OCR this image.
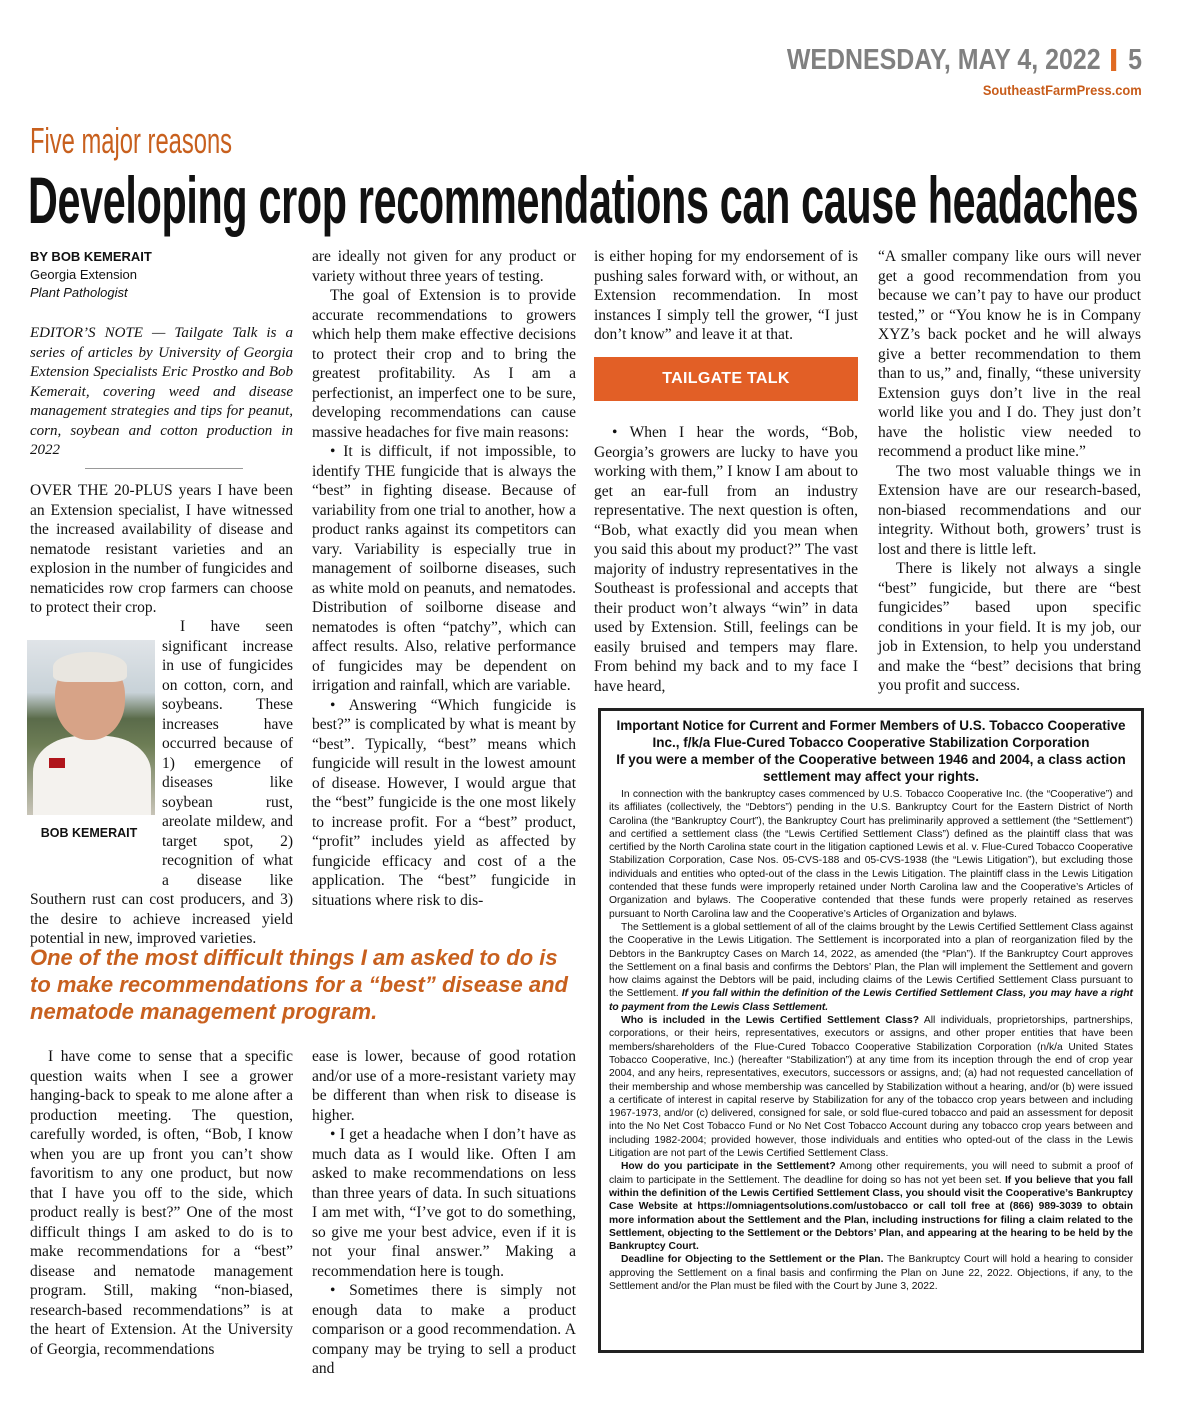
WEDNESDAY, MAY 4, 2022 5
SoutheastFarmPress.com
Five major reasons
Developing crop recommendations can cause headaches
BY BOB KEMERAIT
Georgia Extension
Plant Pathologist
EDITOR’S NOTE — Tailgate Talk is a series of articles by University of Georgia Extension Specialists Eric Prostko and Bob Kemerait, covering weed and disease management strategies and tips for peanut, corn, soybean and cotton production in 2022

OVER THE 20-PLUS years I have been an Extension specialist, I have witnessed the increased availability of disease and nematode resistant varieties and an explosion in the number of fungicides and nematicides row crop farmers can choose to protect their crop.

I have seen significant increase in use of fungicides on cotton, corn, and soybeans. These increases have occurred because of 1) emergence of diseases like soybean rust, areolate mildew, and target spot, 2) recognition of what a disease like Southern rust can cost producers, and 3) the desire to achieve increased yield potential in new, improved varieties.

BOB KEMERAIT

are ideally not given for any product or variety without three years of testing.

The goal of Extension is to provide accurate recommendations to growers which help them make effective decisions to protect their crop and to bring the greatest profitability. As I am a perfectionist, an imperfect one to be sure, developing recommendations can cause massive headaches for five main reasons:

• It is difficult, if not impossible, to identify THE fungicide that is always the “best” in fighting disease. Because of variability from one trial to another, how a product ranks against its competitors can vary. Variability is especially true in management of soilborne diseases, such as white mold on peanuts, and nematodes. Distribution of soilborne disease and nematodes is often “patchy”, which can affect results. Also, relative performance of fungicides may be dependent on irrigation and rainfall, which are variable.

• Answering “Which fungicide is best?” is complicated by what is meant by “best”. Typically, “best” means which fungicide will result in the lowest amount of disease. However, I would argue that the “best” fungicide is the one most likely to increase profit. For a “best” product, “profit” includes yield as affected by fungicide efficacy and cost of a the application. The “best” fungicide in situations where risk to dis-

is either hoping for my endorsement of is pushing sales forward with, or without, an Extension recommendation. In most instances I simply tell the grower, “I just don’t know” and leave it at that.

TAILGATE TALK

• When I hear the words, “Bob, Georgia’s growers are lucky to have you working with them,” I know I am about to get an ear-full from an industry representative. The next question is often, “Bob, what exactly did you mean when you said this about my product?” The vast majority of industry representatives in the Southeast is professional and accepts that their product won’t always “win” in data used by Extension. Still, feelings can be easily bruised and tempers may flare. From behind my back and to my face I have heard,

“A smaller company like ours will never get a good recommendation from you because we can’t pay to have our product tested,” or “You know he is in Company XYZ’s back pocket and he will always give a better recommendation to them than to us,” and, finally, “these university Extension guys don’t live in the real world like you and I do. They just don’t have the holistic view needed to recommend a product like mine.”

The two most valuable things we in Extension have are our research-based, non-biased recommendations and our integrity. Without both, growers’ trust is lost and there is little left.

There is likely not always a single “best” fungicide, but there are “best fungicides” based upon specific conditions in your field. It is my job, our job in Extension, to help you understand and make the “best” decisions that bring you profit and success.

One of the most difficult things I am asked to do is to make recommendations for a “best” disease and nematode management program.

I have come to sense that a specific question waits when I see a grower hanging-back to speak to me alone after a production meeting. The question, carefully worded, is often, “Bob, I know when you are up front you can’t show favoritism to any one product, but now that I have you off to the side, which product really is best?” One of the most difficult things I am asked to do is to make recommendations for a “best” disease and nematode management program. Still, making “non-biased, research-based recommendations” is at the heart of Extension. At the University of Georgia, recommendations

ease is lower, because of good rotation and/or use of a more-resistant variety may be different than when risk to disease is higher.

• I get a headache when I don’t have as much data as I would like. Often I am asked to make recommendations on less than three years of data. In such situations I am met with, “I’ve got to do something, so give me your best advice, even if it is not your final answer.” Making a recommendation here is tough.

• Sometimes there is simply not enough data to make a product comparison or a good recommendation. A company may be trying to sell a product and

Important Notice for Current and Former Members of U.S. Tobacco Cooperative Inc., f/k/a Flue-Cured Tobacco Cooperative Stabilization Corporation
If you were a member of the Cooperative between 1946 and 2004, a class action settlement may affect your rights.

In connection with the bankruptcy cases commenced by U.S. Tobacco Cooperative Inc. (the “Cooperative”) and its affiliates (collectively, the “Debtors”) pending in the U.S. Bankruptcy Court for the Eastern District of North Carolina (the “Bankruptcy Court”), the Bankruptcy Court has preliminarily approved a settlement (the “Settlement”) and certified a settlement class (the “Lewis Certified Settlement Class”) defined as the plaintiff class that was certified by the North Carolina state court in the litigation captioned Lewis et al. v. Flue-Cured Tobacco Cooperative Stabilization Corporation, Case Nos. 05-CVS-188 and 05-CVS-1938 (the “Lewis Litigation”), but excluding those individuals and entities who opted-out of the class in the Lewis Litigation. The plaintiff class in the Lewis Litigation contended that these funds were improperly retained under North Carolina law and the Cooperative’s Articles of Organization and bylaws. The Cooperative contended that these funds were properly retained as reserves pursuant to North Carolina law and the Cooperative’s Articles of Organization and bylaws.

The Settlement is a global settlement of all of the claims brought by the Lewis Certified Settlement Class against the Cooperative in the Lewis Litigation. The Settlement is incorporated into a plan of reorganization filed by the Debtors in the Bankruptcy Cases on March 14, 2022, as amended (the “Plan”). If the Bankruptcy Court approves the Settlement on a final basis and confirms the Debtors’ Plan, the Plan will implement the Settlement and govern how claims against the Debtors will be paid, including claims of the Lewis Certified Settlement Class pursuant to the Settlement. If you fall within the definition of the Lewis Certified Settlement Class, you may have a right to payment from the Lewis Class Settlement.

Who is included in the Lewis Certified Settlement Class? All individuals, proprietorships, partnerships, corporations, or their heirs, representatives, executors or assigns, and other proper entities that have been members/shareholders of the Flue-Cured Tobacco Cooperative Stabilization Corporation (n/k/a United States Tobacco Cooperative, Inc.) (hereafter “Stabilization”) at any time from its inception through the end of crop year 2004, and any heirs, representatives, executors, successors or assigns, and; (a) had not requested cancellation of their membership and whose membership was cancelled by Stabilization without a hearing, and/or (b) were issued a certificate of interest in capital reserve by Stabilization for any of the tobacco crop years between and including 1967-1973, and/or (c) delivered, consigned for sale, or sold flue-cured tobacco and paid an assessment for deposit into the No Net Cost Tobacco Fund or No Net Cost Tobacco Account during any tobacco crop years between and including 1982-2004; provided however, those individuals and entities who opted-out of the class in the Lewis Litigation are not part of the Lewis Certified Settlement Class.

How do you participate in the Settlement? Among other requirements, you will need to submit a proof of claim to participate in the Settlement. The deadline for doing so has not yet been set. If you believe that you fall within the definition of the Lewis Certified Settlement Class, you should visit the Cooperative’s Bankruptcy Case Website at https://omniagentsolutions.com/ustobacco or call toll free at (866) 989-3039 to obtain more information about the Settlement and the Plan, including instructions for filing a claim related to the Settlement, objecting to the Settlement or the Debtors’ Plan, and appearing at the hearing to be held by the Bankruptcy Court.

Deadline for Objecting to the Settlement or the Plan. The Bankruptcy Court will hold a hearing to consider approving the Settlement on a final basis and confirming the Plan on June 22, 2022. Objections, if any, to the Settlement and/or the Plan must be filed with the Court by June 3, 2022.
